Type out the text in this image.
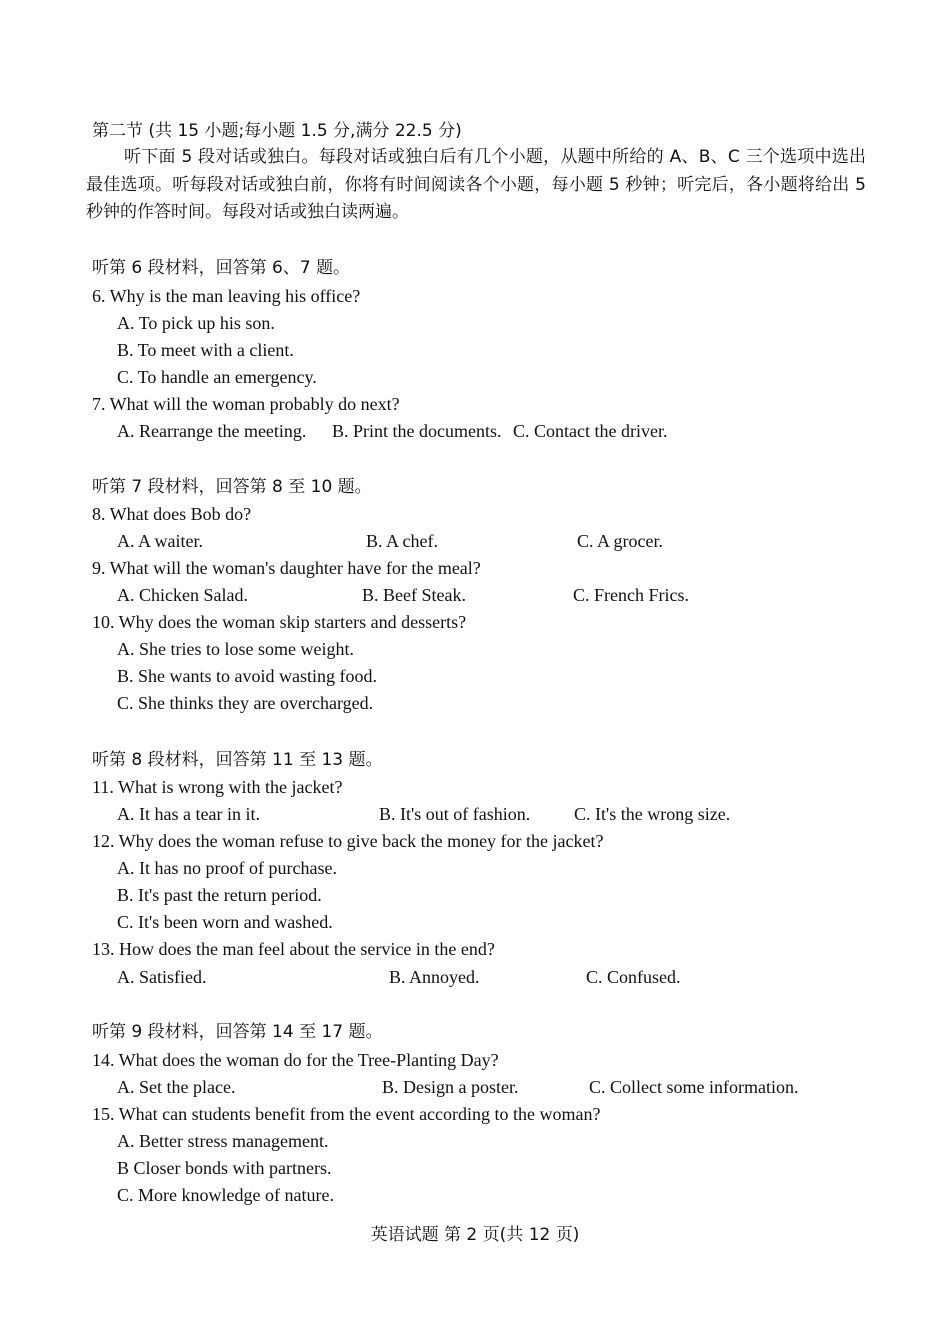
第二节 (共 15 小题;每小题 1.5 分,满分 22.5 分)
听下面 5 段对话或独白。每段对话或独白后有几个小题，从题中所给的 A、B、C 三个选项中选出最佳选项。听每段对话或独白前，你将有时间阅读各个小题，每小题 5 秒钟；听完后，各小题将给出 5 秒钟的作答时间。每段对话或独白读两遍。
听第 6 段材料，回答第 6、7 题。
6. Why is the man leaving his office?
A. To pick up his son.
B. To meet with a client.
C. To handle an emergency.
7. What will the woman probably do next?
A. Rearrange the meeting. B. Print the documents. C. Contact the driver.
听第 7 段材料，回答第 8 至 10 题。
8. What does Bob do?
A. A waiter.	B. A chef.	C. A grocer.
9. What will the woman's daughter have for the meal?
A. Chicken Salad.	B. Beef Steak.	C. French Frics.
10. Why does the woman skip starters and desserts?
A. She tries to lose some weight.
B. She wants to avoid wasting food.
C. She thinks they are overcharged.
听第 8 段材料，回答第 11 至 13 题。
11. What is wrong with the jacket?
A. It has a tear in it.	B. It's out of fashion. C. It's the wrong size.
12. Why does the woman refuse to give back the money for the jacket?
A. It has no proof of purchase.
B. It's past the return period.
C. It's been worn and washed.
13. How does the man feel about the service in the end?
A. Satisfied.	B. Annoyed.	C. Confused.
听第 9 段材料，回答第 14 至 17 题。
14. What does the woman do for the Tree-Planting Day?
A. Set the place.	B. Design a poster.	C. Collect some information.
15. What can students benefit from the event according to the woman?
A. Better stress management.
B Closer bonds with partners.
C. More knowledge of nature.
英语试题 第 2 页(共 12 页)
